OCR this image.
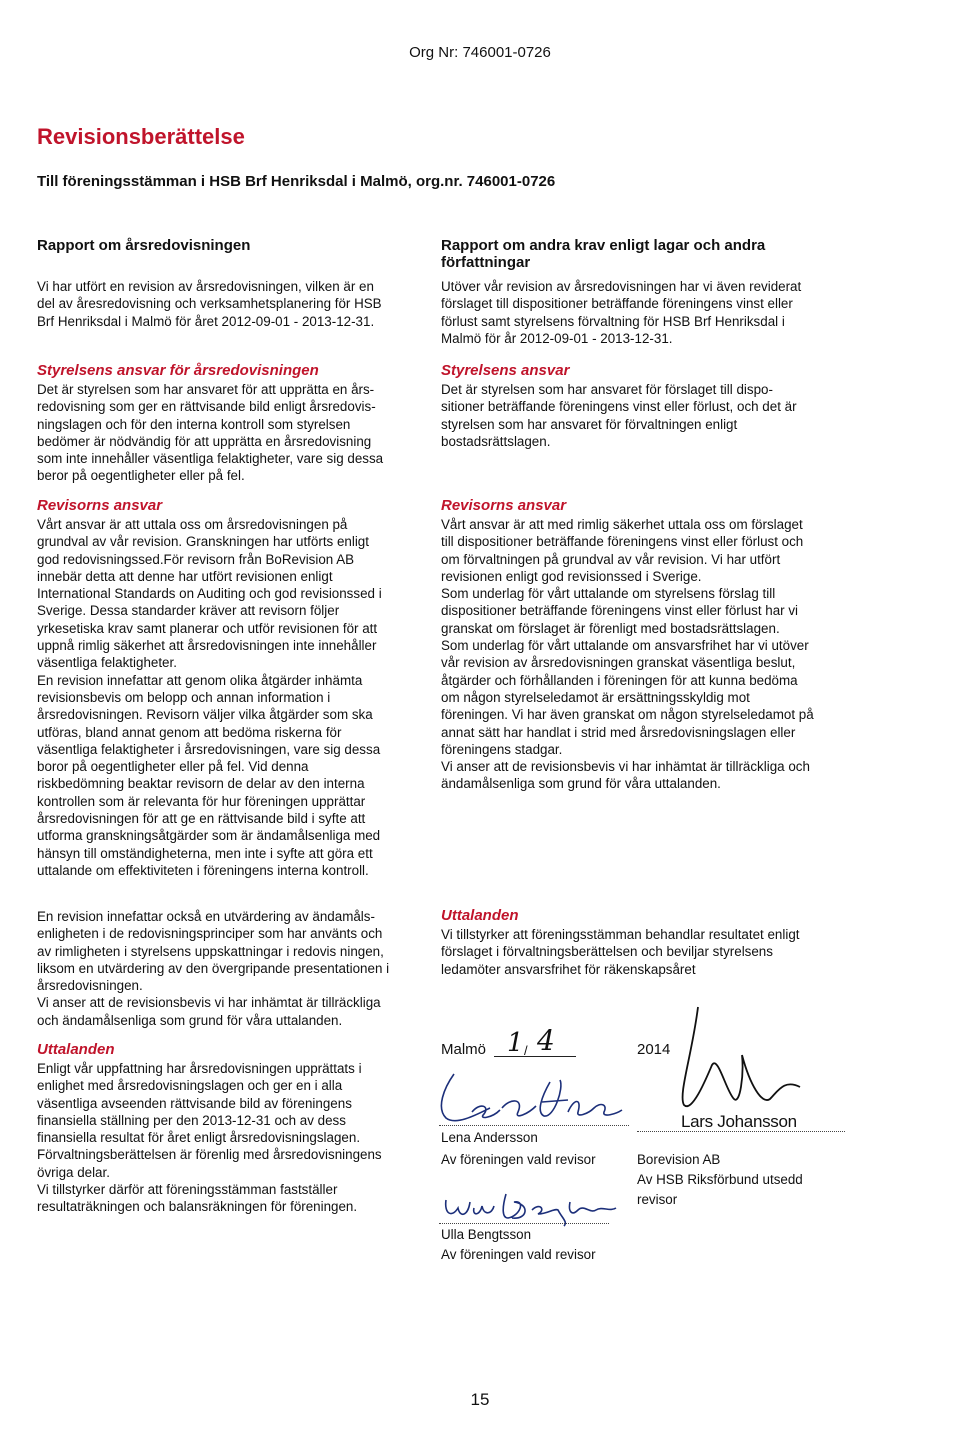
Org Nr: 746001-0726
Revisionsberättelse
Till föreningsstämman i HSB Brf Henriksdal i Malmö, org.nr. 746001-0726
Rapport om årsredovisningen
Vi har utfört en revision av årsredovisningen, vilken är en
del av åresredovisning och verksamhetsplanering för HSB
Brf Henriksdal i Malmö för året 2012-09-01 - 2013-12-31.
Styrelsens ansvar för årsredovisningen
Det är styrelsen som har ansvaret för att upprätta en års-
redovisning som ger en rättvisande bild enligt årsredovis-
ningslagen och för den interna kontroll som styrelsen
bedömer är nödvändig för att upprätta en årsredovisning
som inte innehåller väsentliga felaktigheter, vare sig dessa
beror på oegentligheter eller på fel.
Revisorns ansvar
Vårt ansvar är att uttala oss om årsredovisningen på
grundval av vår revision. Granskningen har utförts enligt
god redovisningssed.För revisorn från BoRevision AB
innebär detta att denne har utfört revisionen enligt
International Standards on Auditing och god revisionssed i
Sverige. Dessa standarder kräver att revisorn följer
yrkesetiska krav samt planerar och utför revisionen för att
uppnå rimlig säkerhet att årsredovisningen inte innehåller
väsentliga felaktigheter.
En revision innefattar att genom olika åtgärder inhämta
revisionsbevis om belopp och annan information i
årsredovisningen. Revisorn väljer vilka åtgärder som ska
utföras, bland annat genom att bedöma riskerna för
väsentliga felaktigheter i årsredovisningen, vare sig dessa
boror på oegentligheter eller på fel. Vid denna
riskbedömning beaktar revisorn de delar av den interna
kontrollen som är relevanta för hur föreningen upprättar
årsredovisningen för att ge en rättvisande bild i syfte att
utforma granskningsåtgärder som är ändamålsenliga med
hänsyn till omständigheterna, men inte i syfte att göra ett
uttalande om effektiviteten i föreningens interna kontroll.
En revision innefattar också en utvärdering av ändamåls-
enligheten i de redovisningsprinciper som har använts och
av rimligheten i styrelsens uppskattningar i redovis ningen,
liksom en utvärdering av den övergripande presentationen i
årsredovisningen.
Vi anser att de revisionsbevis vi har inhämtat är tillräckliga
och ändamålsenliga som grund för våra uttalanden.
Uttalanden
Enligt vår uppfattning har årsredovisningen upprättats i
enlighet med årsredovisningslagen och ger en i alla
väsentliga avseenden rättvisande bild av föreningens
finansiella ställning per den 2013-12-31 och av dess
finansiella resultat för året enligt årsredovisningslagen.
Förvaltningsberättelsen är förenlig med årsredovisningens
övriga delar.
Vi tillstyrker därför att föreningsstämman fastställer
resultaträkningen och balansräkningen för föreningen.
Rapport om andra krav enligt lagar och andra författningar
Utöver vår revision av årsredovisningen har vi även reviderat
förslaget till dispositioner beträffande föreningens vinst eller
förlust samt styrelsens förvaltning för HSB Brf Henriksdal i
Malmö för år 2012-09-01 - 2013-12-31.
Styrelsens ansvar
Det är styrelsen som har ansvaret för förslaget till dispo-
sitioner beträffande föreningens vinst eller förlust, och det är
styrelsen som har ansvaret för förvaltningen enligt
bostadsrättslagen.
Revisorns ansvar
Vårt ansvar är att med rimlig säkerhet uttala oss om förslaget
till dispositioner beträffande föreningens vinst eller förlust och
om förvaltningen på grundval av vår revision. Vi har utfört
revisionen enligt god revisionssed i Sverige.
Som underlag för vårt uttalande om styrelsens förslag till
dispositioner beträffande föreningens vinst eller förlust har vi
granskat om förslaget är förenligt med bostadsrättslagen.
Som underlag för vårt uttalande om ansvarsfrihet har vi utöver
vår revision av årsredovisningen granskat väsentliga beslut,
åtgärder och förhållanden i föreningen för att kunna bedöma
om någon styrelseledamot är ersättningsskyldig mot
föreningen. Vi har även granskat om någon styrelseledamot på
annat sätt har handlat i strid med årsredovisningslagen eller
föreningens stadgar.
Vi anser att de revisionsbevis vi har inhämtat är tillräckliga och
ändamålsenliga som grund för våra uttalanden.
Uttalanden
Vi tillstyrker att föreningsstämman behandlar resultatet enligt
förslaget i förvaltningsberättelsen och beviljar styrelsens
ledamöter ansvarsfrihet för räkenskapsåret
Malmö 1 / 4	2014
Lena Andersson
Av föreningen vald revisor
Lars Johansson
Borevision AB
Av HSB Riksförbund utsedd
revisor
Ulla Bengtsson
Av föreningen vald revisor
15
